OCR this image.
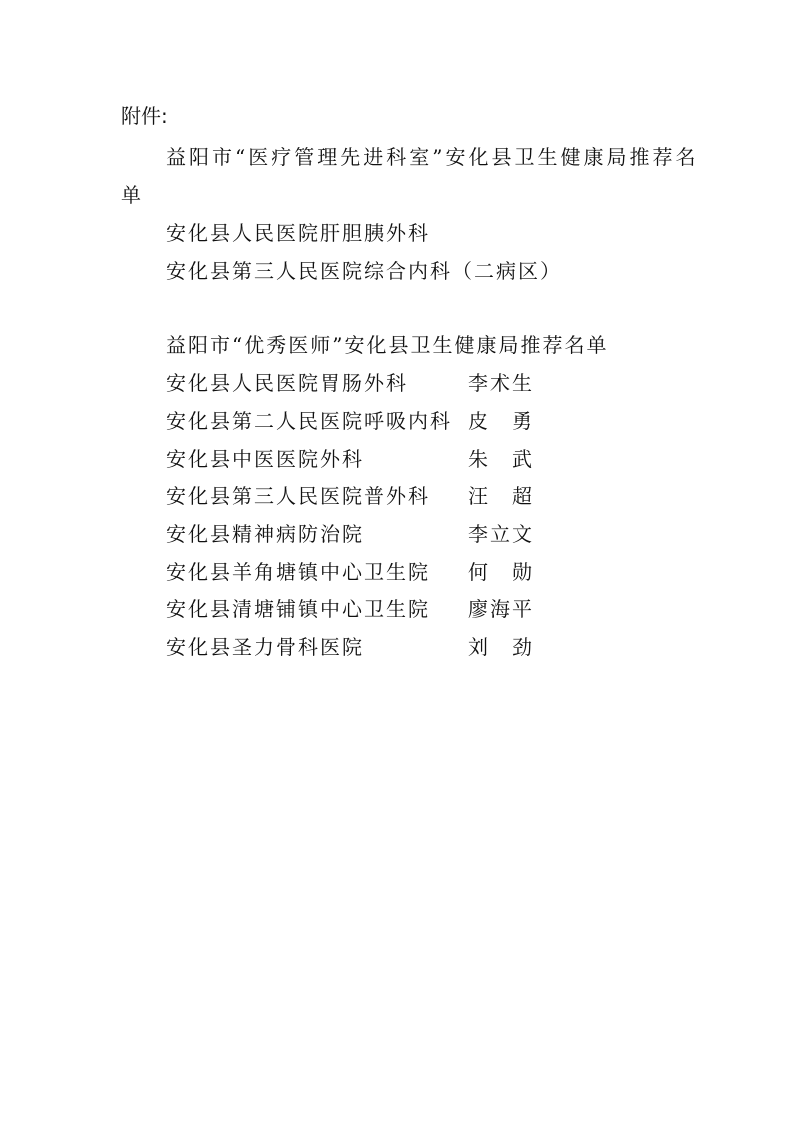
附件:
益阳市“医疗管理先进科室”安化县卫生健康局推荐名
单
安化县人民医院肝胆胰外科
安化县第三人民医院综合内科（二病区）
益阳市“优秀医师”安化县卫生健康局推荐名单
安化县人民医院胃肠外科	李术生
安化县第二人民医院呼吸内科 皮　勇
安化县中医医院外科	朱　武
安化县第三人民医院普外科 汪　超
安化县精神病防治院	李立文
安化县羊角塘镇中心卫生院 何　勋
安化县清塘铺镇中心卫生院 廖海平
安化县圣力骨科医院	刘　劲
